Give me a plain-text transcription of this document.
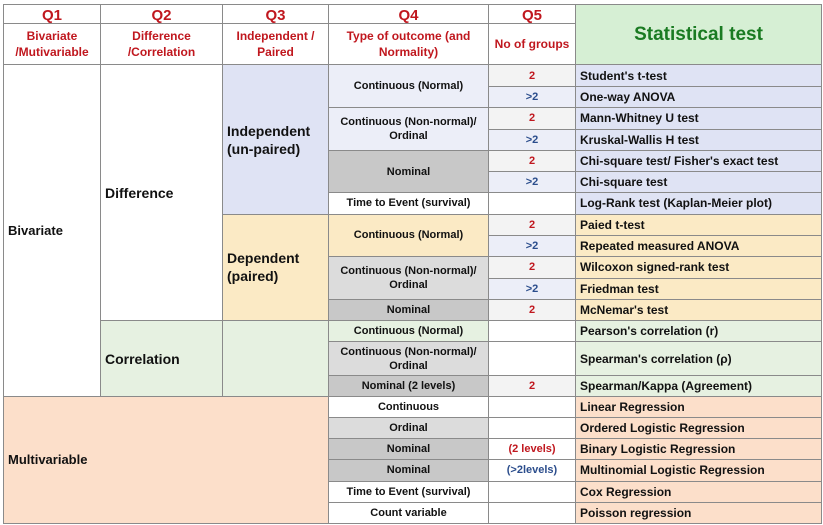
Q1	Q2	Q3	Q4	Q5	Statistical test
Bivariate /Mutivariable	Difference /Correlation	Independent / Paired	Type of outcome (and Normality)	No of groups	
Bivariate	Difference	Independent (un-paired)	Continuous (Normal)	2	Student's t-test
				>2	One-way ANOVA
			Continuous (Non-normal)/ Ordinal	2	Mann-Whitney U test
				>2	Kruskal-Wallis H test
			Nominal	2	Chi-square test/ Fisher's exact test
				>2	Chi-square test
			Time to Event (survival)		Log-Rank test (Kaplan-Meier plot)
		Dependent (paired)	Continuous (Normal)	2	Paied t-test
				>2	Repeated measured ANOVA
			Continuous (Non-normal)/ Ordinal	2	Wilcoxon signed-rank test
				>2	Friedman test
			Nominal	2	McNemar's test
	Correlation		Continuous (Normal)		Pearson's correlation (r)
			Continuous (Non-normal)/ Ordinal		Spearman's correlation (ρ)
			Nominal (2 levels)	2	Spearman/Kappa (Agreement)
Multivariable			Continuous		Linear Regression
			Ordinal		Ordered Logistic Regression
			Nominal	(2 levels)	Binary Logistic Regression
			Nominal	(>2levels)	Multinomial Logistic Regression
			Time to Event (survival)		Cox Regression
			Count variable		Poisson regression
